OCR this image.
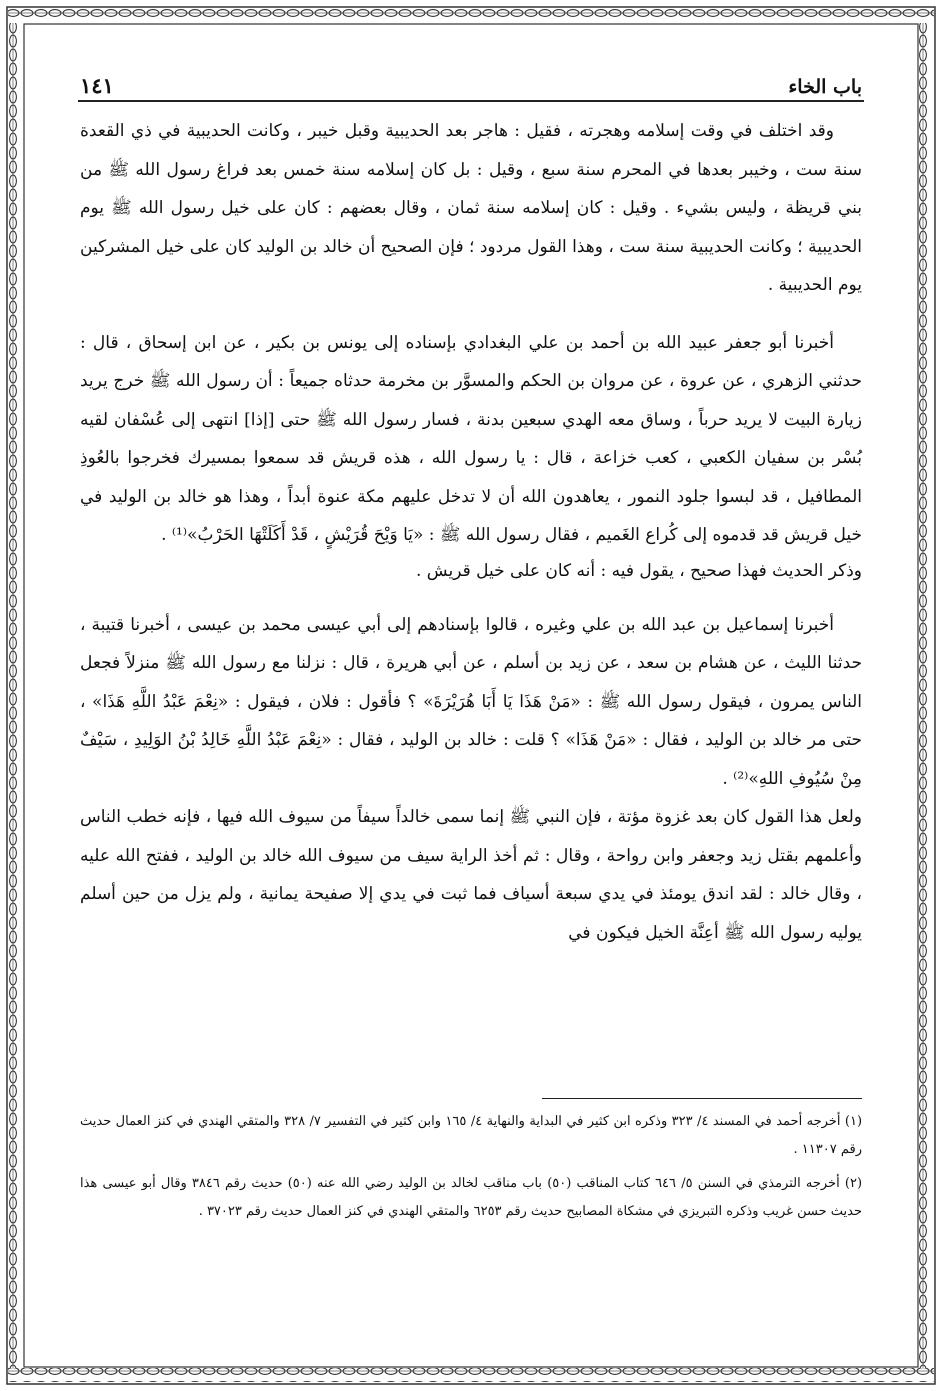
باب الخاء
١٤١

وقد اختلف في وقت إسلامه وهجرته ، فقيل : هاجر بعد الحديبية وقبل خيبر ، وكانت الحديبية في ذي القعدة سنة ست ، وخيبر بعدها في المحرم سنة سبع ، وقيل : بل كان إسلامه سنة خمس بعد فراغ رسول الله ﷺ من بني قريظة ، وليس بشيء . وقيل : كان إسلامه سنة ثمان ، وقال بعضهم : كان على خيل رسول الله ﷺ يوم الحديبية ؛ وكانت الحديبية سنة ست ، وهذا القول مردود ؛ فإن الصحيح أن خالد بن الوليد كان على خيل المشركين يوم الحديبية .

أخبرنا أبو جعفر عبيد الله بن أحمد بن علي البغدادي بإسناده إلى يونس بن بكير ، عن ابن إسحاق ، قال : حدثني الزهري ، عن عروة ، عن مروان بن الحكم والمسوَّر بن مخرمة حدثاه جميعاً : أن رسول الله ﷺ خرج يريد زيارة البيت لا يريد حرباً ، وساق معه الهدي سبعين بدنة ، فسار رسول الله ﷺ حتى [إذا] انتهى إلى عُسْفان لقيه بُسْر بن سفيان الكعبي ، كعب خزاعة ، قال : يا رسول الله ، هذه قريش قد سمعوا بمسيرك فخرجوا بالعُوذِ المطافيل ، قد لبسوا جلود النمور ، يعاهدون الله أن لا تدخل عليهم مكة عنوة أبداً ، وهذا هو خالد بن الوليد في خيل قريش قد قدموه إلى كُراع الغَميم ، فقال رسول الله ﷺ : «يَا وَيْحَ قُرَيْشٍ ، قَدْ أَكَلَتْهَا الحَرْبُ»⁽¹⁾ .

وذكر الحديث فهذا صحيح ، يقول فيه : أنه كان على خيل قريش .

أخبرنا إسماعيل بن عبد الله بن علي وغيره ، قالوا بإسنادهم إلى أبي عيسى محمد بن عيسى ، أخبرنا قتيبة ، حدثنا الليث ، عن هشام بن سعد ، عن زيد بن أسلم ، عن أبي هريرة ، قال : نزلنا مع رسول الله ﷺ منزلاً فجعل الناس يمرون ، فيقول رسول الله ﷺ : «مَنْ هَذَا يَا أَبَا هُرَيْرَةَ» ؟ فأقول : فلان ، فيقول : «نِعْمَ عَبْدُ اللَّهِ هَذَا» ، حتى مر خالد بن الوليد ، فقال : «مَنْ هَذَا» ؟ قلت : خالد بن الوليد ، فقال : «نِعْمَ عَبْدُ اللَّهِ خَالِدُ بْنُ الوَلِيدِ ، سَيْفٌ مِنْ سُيُوفِ اللهِ»⁽²⁾ .

ولعل هذا القول كان بعد غزوة مؤتة ، فإن النبي ﷺ إنما سمى خالداً سيفاً من سيوف الله فيها ، فإنه خطب الناس وأعلمهم بقتل زيد وجعفر وابن رواحة ، وقال : ثم أخذ الراية سيف من سيوف الله خالد بن الوليد ، ففتح الله عليه ، وقال خالد : لقد اندق يومئذ في يدي سبعة أسياف فما ثبت في يدي إلا صفيحة يمانية ، ولم يزل من حين أسلم يوليه رسول الله ﷺ أعِنَّة الخيل فيكون في

(١) أخرجه أحمد في المسند ٤/ ٣٢٣ وذكره ابن كثير في البداية والنهاية ٤/ ١٦٥ وابن كثير في التفسير ٧/ ٣٢٨ والمتقي الهندي في كنز العمال حديث رقم ١١٣٠٧ .

(٢) أخرجه الترمذي في السنن ٥/ ٦٤٦ كتاب المناقب (٥٠) باب مناقب لخالد بن الوليد رضي الله عنه (٥٠) حديث رقم ٣٨٤٦ وقال أبو عيسى هذا حديث حسن غريب وذكره التبريزي في مشكاة المصابيح حديث رقم ٦٢٥٣ والمتقي الهندي في كنز العمال حديث رقم ٣٧٠٢٣ .
